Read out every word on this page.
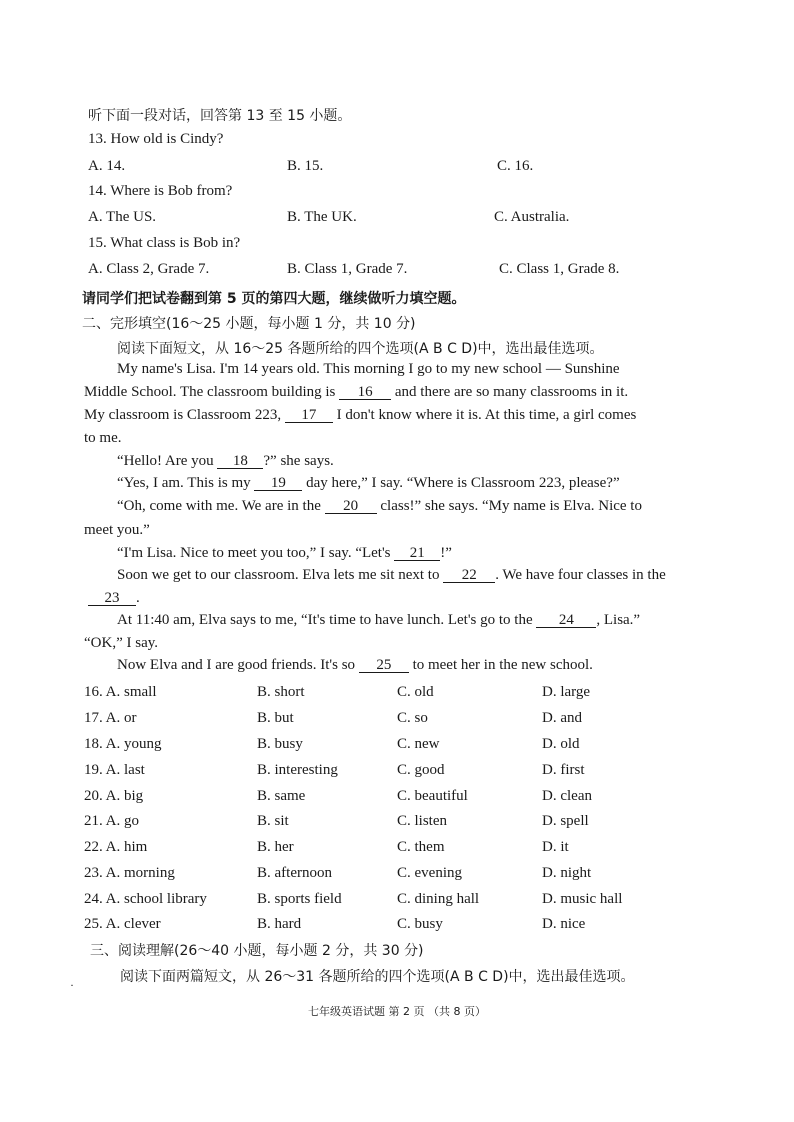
听下面一段对话，回答第 13 至 15 小题。
13. How old is Cindy?
A. 14.	B. 15.	C. 16.
14. Where is Bob from?
A. The US.	B. The UK.	C. Australia.
15. What class is Bob in?
A. Class 2, Grade 7.	B. Class 1, Grade 7.	C. Class 1, Grade 8.
请同学们把试卷翻到第 5 页的第四大题，继续做听力填空题。
二、完形填空(16～25 小题，每小题 1 分，共 10 分)
阅读下面短文，从 16～25 各题所给的四个选项(A B C D)中，选出最佳选项。
My name's Lisa. I'm 14 years old. This morning I go to my new school — Sunshine
Middle School. The classroom building is 16 and there are so many classrooms in it.
My classroom is Classroom 223, 17 I don't know where it is. At this time, a girl comes
to me.
“Hello! Are you 18 ?” she says.
“Yes, I am. This is my 19 day here,” I say. “Where is Classroom 223, please?”
“Oh, come with me. We are in the 20 class!” she says. “My name is Elva. Nice to
meet you.”
“I'm Lisa. Nice to meet you too,” I say. “Let's 21 !”
Soon we get to our classroom. Elva lets me sit next to 22 . We have four classes in the
23 .
At 11:40 am, Elva says to me, “It's time to have lunch. Let's go to the 24 , Lisa.”
“OK,” I say.
Now Elva and I are good friends. It's so 25 to meet her in the new school.
16. A. small	B. short	C. old	D. large
17. A. or	B. but	C. so	D. and
18. A. young	B. busy	C. new	D. old
19. A. last	B. interesting	C. good	D. first
20. A. big	B. same	C. beautiful	D. clean
21. A. go	B. sit	C. listen	D. spell
22. A. him	B. her	C. them	D. it
23. A. morning	B. afternoon	C. evening	D. night
24. A. school library	B. sports field	C. dining hall	D. music hall
25. A. clever	B. hard	C. busy	D. nice
三、阅读理解(26～40 小题，每小题 2 分，共 30 分)
·	阅读下面两篇短文，从 26～31 各题所给的四个选项(A B C D)中，选出最佳选项。
七年级英语试题 第 2 页 （共 8 页）
